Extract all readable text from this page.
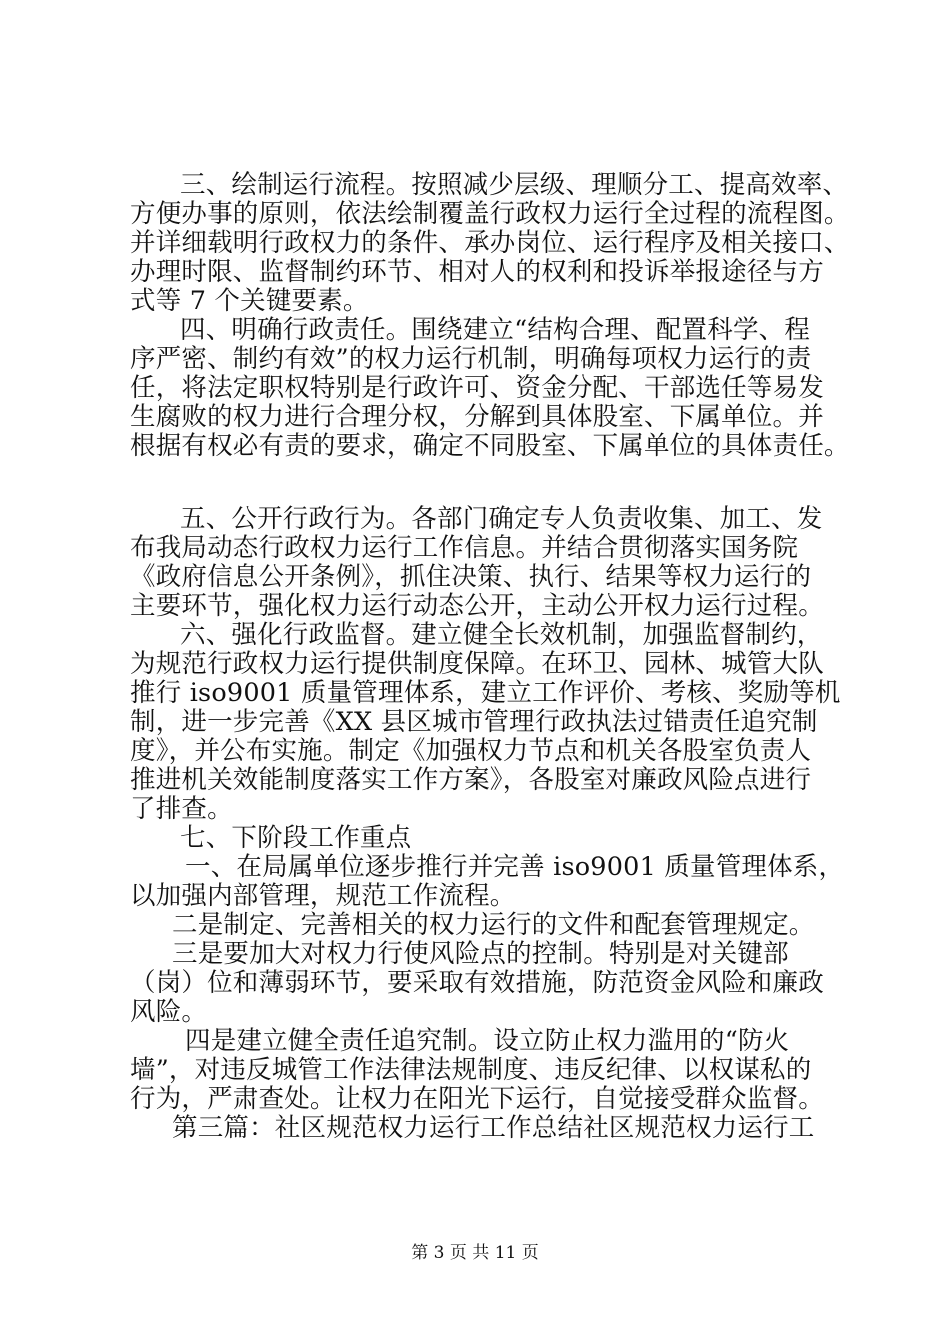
三、绘制运行流程。按照减少层级、理顺分工、提高效率、
方便办事的原则，依法绘制覆盖行政权力运行全过程的流程图。
并详细载明行政权力的条件、承办岗位、运行程序及相关接口、
办理时限、监督制约环节、相对人的权利和投诉举报途径与方
式等 7 个关键要素。
四、明确行政责任。围绕建立“结构合理、配置科学、程
序严密、制约有效”的权力运行机制，明确每项权力运行的责
任，将法定职权特别是行政许可、资金分配、干部选任等易发
生腐败的权力进行合理分权，分解到具体股室、下属单位。并
根据有权必有责的要求，确定不同股室、下属单位的具体责任。
五、公开行政行为。各部门确定专人负责收集、加工、发
布我局动态行政权力运行工作信息。并结合贯彻落实国务院
《政府信息公开条例》，抓住决策、执行、结果等权力运行的
主要环节，强化权力运行动态公开，主动公开权力运行过程。
六、强化行政监督。建立健全长效机制，加强监督制约，
为规范行政权力运行提供制度保障。在环卫、园林、城管大队
推行 iso9001 质量管理体系，建立工作评价、考核、奖励等机
制，进一步完善《XX 县区城市管理行政执法过错责任追究制
度》，并公布实施。制定《加强权力节点和机关各股室负责人
推进机关效能制度落实工作方案》，各股室对廉政风险点进行
了排查。
七、下阶段工作重点
一、在局属单位逐步推行并完善 iso9001 质量管理体系，
以加强内部管理，规范工作流程。
二是制定、完善相关的权力运行的文件和配套管理规定。
三是要加大对权力行使风险点的控制。特别是对关键部
（岗）位和薄弱环节，要采取有效措施，防范资金风险和廉政
风险。
四是建立健全责任追究制。设立防止权力滥用的“防火
墙”，对违反城管工作法律法规制度、违反纪律、以权谋私的
行为，严肃查处。让权力在阳光下运行，自觉接受群众监督。
第三篇：社区规范权力运行工作总结社区规范权力运行工
第 3 页 共 11 页
